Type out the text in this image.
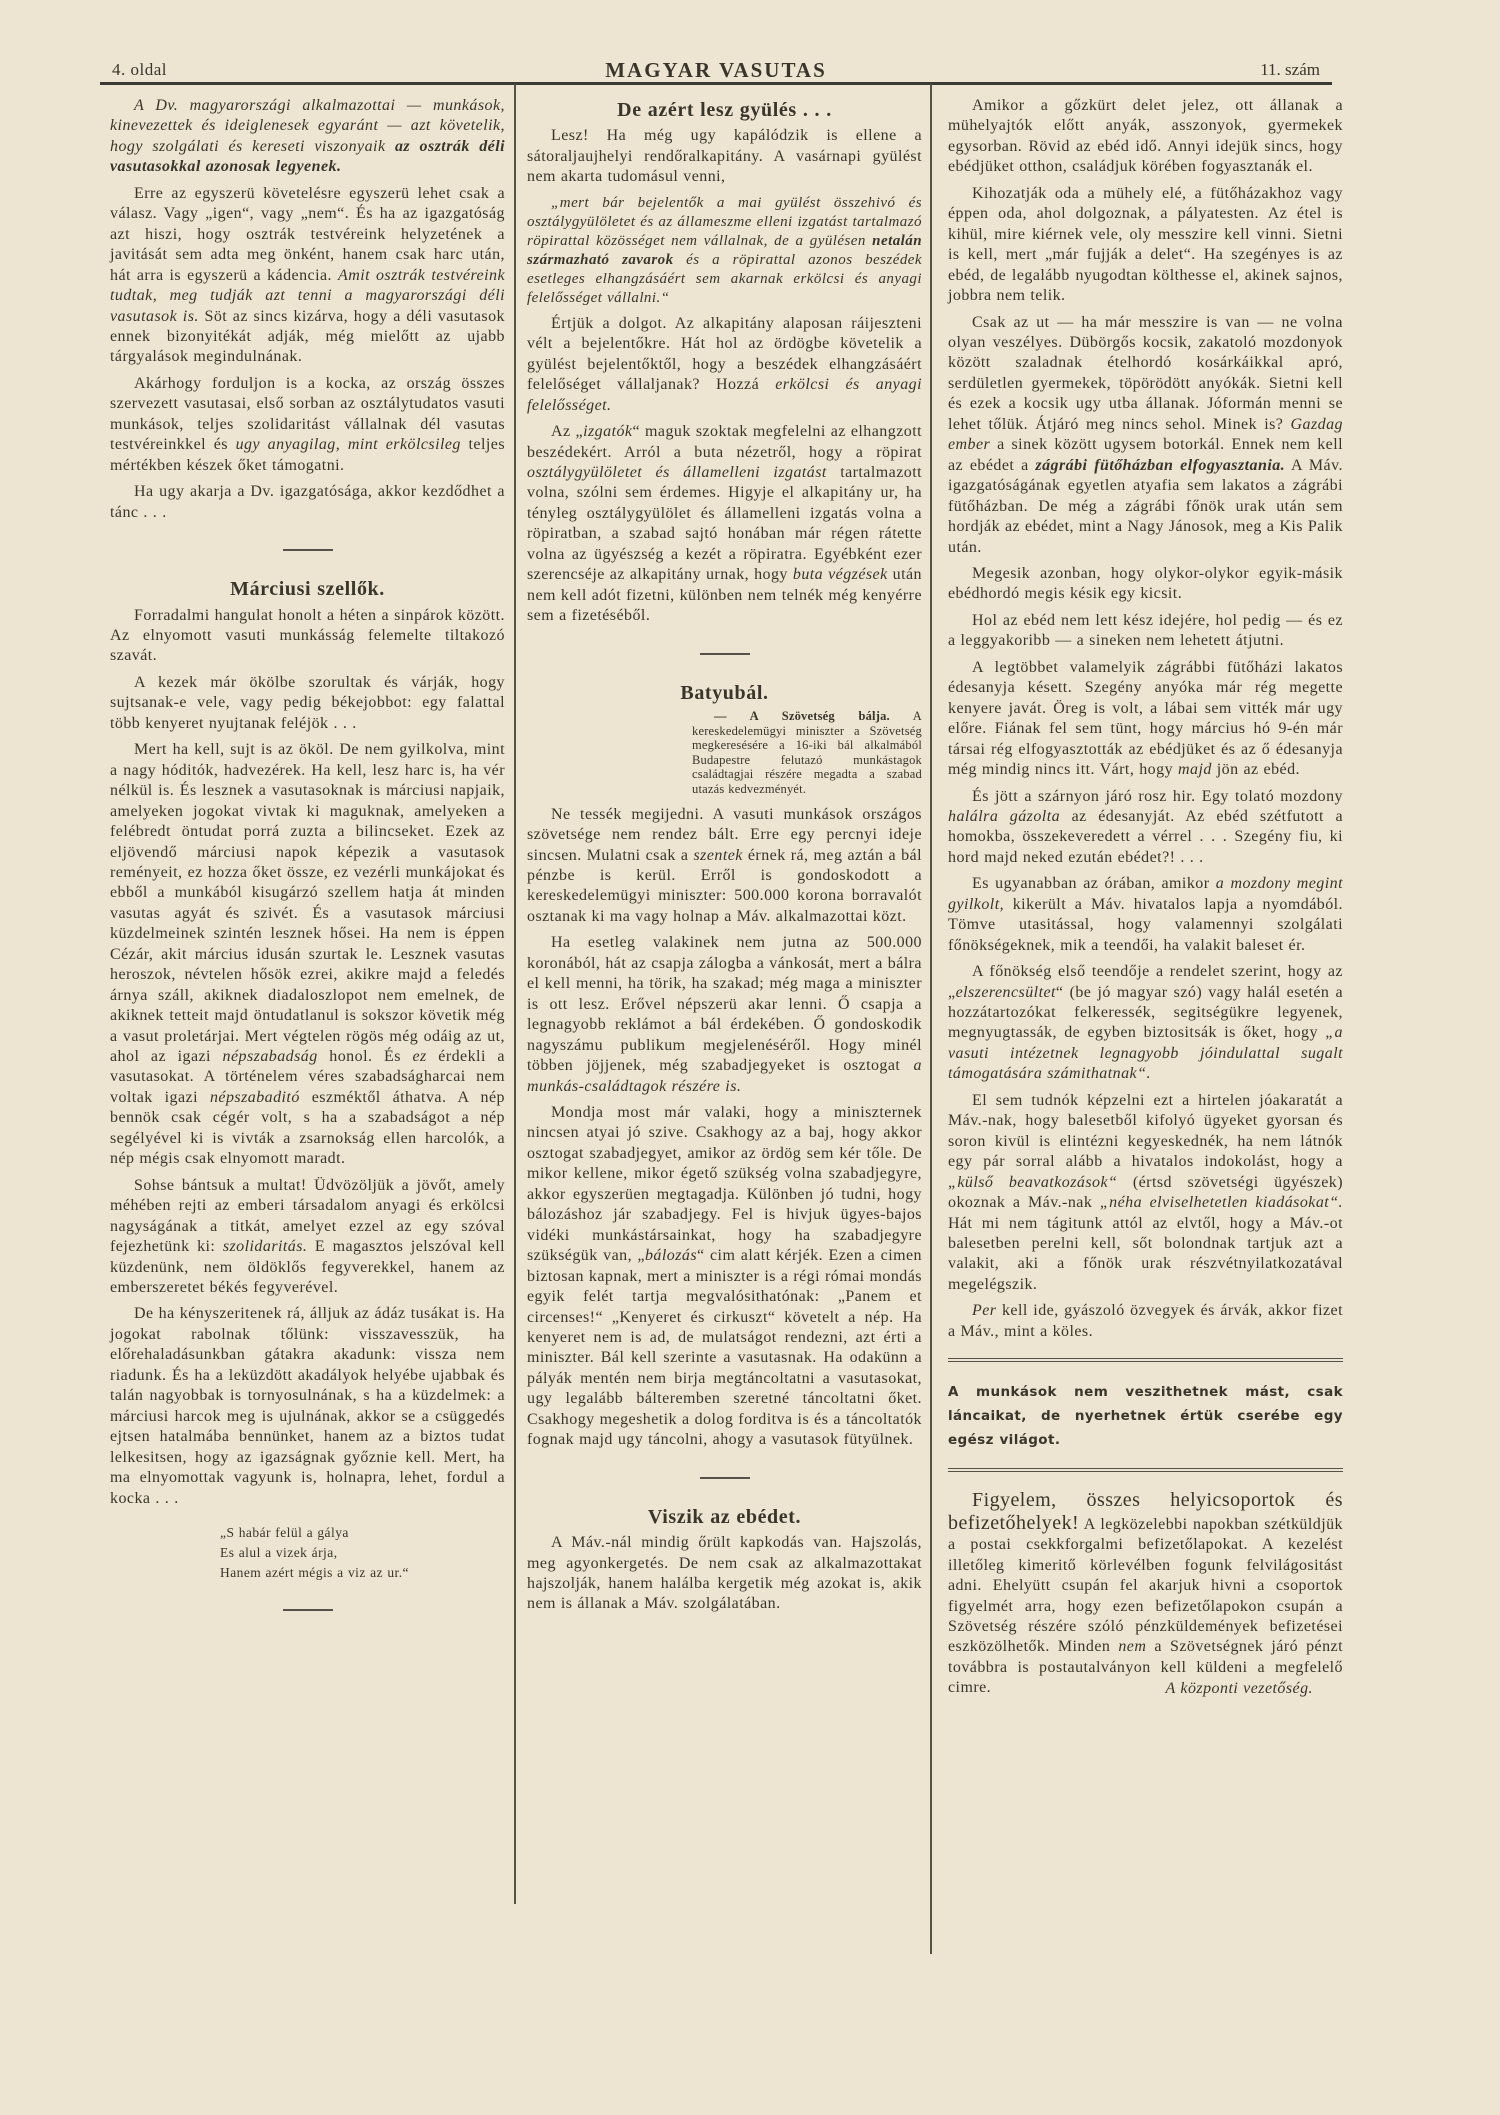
4. oldal	MAGYAR VASUTAS	11. szám

A Dv. magyarországi alkalmazottai — munkások, kinevezettek és ideiglenesek egyaránt — azt követelik, hogy szolgálati és kereseti viszonyaik az osztrák déli vasutasokkal azonosak legyenek.

Erre az egyszerü követelésre egyszerü lehet csak a válasz. Vagy „igen“, vagy „nem“. És ha az igazgatóság azt hiszi, hogy osztrák testvéreink helyzetének a javitását sem adta meg önként, hanem csak harc után, hát arra is egyszerü a kádencia. Amit osztrák testvéreink tudtak, meg tudják azt tenni a magyarországi déli vasutasok is. Söt az sincs kizárva, hogy a déli vasutasok ennek bizonyitékát adják, még mielőtt az ujabb tárgyalások megindulnának.

Akárhogy forduljon is a kocka, az ország összes szervezett vasutasai, első sorban az osztálytudatos vasuti munkások, teljes szolidaritást vállalnak dél vasutas testvéreinkkel és ugy anyagilag, mint erkölcsileg teljes mértékben készek őket támogatni.

Ha ugy akarja a Dv. igazgatósága, akkor kezdődhet a tánc . . .

Márciusi szellők.

Forradalmi hangulat honolt a héten a sinpárok között. Az elnyomott vasuti munkásság felemelte tiltakozó szavát.

A kezek már ökölbe szorultak és várják, hogy sujtsanak-e vele, vagy pedig békejobbot: egy falattal több kenyeret nyujtanak feléjök . . .

Mert ha kell, sujt is az ököl. De nem gyilkolva, mint a nagy hóditók, hadvezérek. Ha kell, lesz harc is, ha vér nélkül is. És lesznek a vasutasoknak is márciusi napjaik, amelyeken jogokat vivtak ki maguknak, amelyeken a felébredt öntudat porrá zuzta a bilincseket. Ezek az eljövendő márciusi napok képezik a vasutasok reményeit, ez hozza őket össze, ez vezérli munkájokat és ebből a munkából kisugárzó szellem hatja át minden vasutas agyát és szivét. És a vasutasok márciusi küzdelmeinek szintén lesznek hősei. Ha nem is éppen Cézár, akit március idusán szurtak le. Lesznek vasutas heroszok, névtelen hősök ezrei, akikre majd a feledés árnya száll, akiknek diadaloszlopot nem emelnek, de akiknek tetteit majd öntudatlanul is sokszor követik még a vasut proletárjai. Mert végtelen rögös még odáig az ut, ahol az igazi népszabadság honol. És ez érdekli a vasutasokat. A történelem véres szabadságharcai nem voltak igazi népszabaditó eszméktől áthatva. A nép bennök csak cégér volt, s ha a szabadságot a nép segélyével ki is vivták a zsarnokság ellen harcolók, a nép mégis csak elnyomott maradt.

Sohse bántsuk a multat! Üdvözöljük a jövőt, amely méhében rejti az emberi társadalom anyagi és erkölcsi nagyságának a titkát, amelyet ezzel az egy szóval fejezhetünk ki: szolidaritás. E magasztos jelszóval kell küzdenünk, nem öldöklős fegyverekkel, hanem az emberszeretet békés fegyverével.

De ha kényszeritenek rá, álljuk az ádáz tusákat is. Ha jogokat rabolnak tőlünk: visszavesszük, ha előrehaladásunkban gátakra akadunk: vissza nem riadunk. És ha a leküzdött akadályok helyébe ujabbak és talán nagyobbak is tornyosulnának, s ha a küzdelmek: a márciusi harcok meg is ujulnának, akkor se a csüggedés ejtsen hatalmába bennünket, hanem az a biztos tudat lelkesitsen, hogy az igazságnak győznie kell. Mert, ha ma elnyomottak vagyunk is, holnapra, lehet, fordul a kocka . . .

„S habár felül a gálya
Es alul a vizek árja,
Hanem azért mégis a viz az ur.“

De azért lesz gyülés . . .

Lesz! Ha még ugy kapálódzik is ellene a sátoraljaujhelyi rendőralkapitány. A vasárnapi gyülést nem akarta tudomásul venni,

„mert bár bejelentők a mai gyülést összehivó és osztálygyülöletet és az állameszme elleni izgatást tartalmazó röpirattal közösséget nem vállalnak, de a gyülésen netalán származható zavarok és a röpirattal azonos beszédek esetleges elhangzásáért sem akarnak erkölcsi és anyagi felelősséget vállalni.“

Értjük a dolgot. Az alkapitány alaposan ráijeszteni vélt a bejelentőkre. Hát hol az ördögbe követelik a gyülést bejelentőktől, hogy a beszédek elhangzásáért felelőséget vállaljanak? Hozzá erkölcsi és anyagi felelősséget.

Az „izgatók“ maguk szoktak megfelelni az elhangzott beszédekért. Arról a buta nézetről, hogy a röpirat osztálygyülöletet és államelleni izgatást tartalmazott volna, szólni sem érdemes. Higyje el alkapitány ur, ha tényleg osztálygyülölet és államelleni izgatás volna a röpiratban, a szabad sajtó honában már régen rátette volna az ügyészség a kezét a röpiratra. Egyébként ezer szerencséje az alkapitány urnak, hogy buta végzések után nem kell adót fizetni, különben nem telnék még kenyérre sem a fizetéséből.

Batyubál.

— A Szövetség bálja. A kereskedelemügyi miniszter a Szövetség megkeresésére a 16-iki bál alkalmából Budapestre felutazó munkástagok családtagjai részére megadta a szabad utazás kedvezményét.

Ne tessék megijedni. A vasuti munkások országos szövetsége nem rendez bált. Erre egy percnyi ideje sincsen. Mulatni csak a szentek érnek rá, meg aztán a bál pénzbe is kerül. Erről is gondoskodott a kereskedelemügyi miniszter: 500.000 korona borravalót osztanak ki ma vagy holnap a Máv. alkalmazottai közt.

Ha esetleg valakinek nem jutna az 500.000 koronából, hát az csapja zálogba a vánkosát, mert a bálra el kell menni, ha törik, ha szakad; még maga a miniszter is ott lesz. Erővel népszerü akar lenni. Ő csapja a legnagyobb reklámot a bál érdekében. Ő gondoskodik nagyszámu publikum megjelenéséről. Hogy minél többen jöjjenek, még szabadjegyeket is osztogat a munkás-családtagok részére is.

Mondja most már valaki, hogy a miniszternek nincsen atyai jó szive. Csakhogy az a baj, hogy akkor osztogat szabadjegyet, amikor az ördög sem kér tőle. De mikor kellene, mikor égető szükség volna szabadjegyre, akkor egyszerüen megtagadja. Különben jó tudni, hogy bálozáshoz jár szabadjegy. Fel is hivjuk ügyes-bajos vidéki munkástársainkat, hogy ha szabadjegyre szükségük van, „bálozás“ cim alatt kérjék. Ezen a cimen biztosan kapnak, mert a miniszter is a régi római mondás egyik felét tartja megvalósithatónak: „Panem et circenses!“ „Kenyeret és cirkuszt“ követelt a nép. Ha kenyeret nem is ad, de mulatságot rendezni, azt érti a miniszter. Bál kell szerinte a vasutasnak. Ha odakünn a pályák mentén nem birja megtáncoltatni a vasutasokat, ugy legalább bálteremben szeretné táncoltatni őket. Csakhogy megeshetik a dolog forditva is és a táncoltatók fognak majd ugy táncolni, ahogy a vasutasok fütyülnek.

Viszik az ebédet.

A Máv.-nál mindig őrült kapkodás van. Hajszolás, meg agyonkergetés. De nem csak az alkalmazottakat hajszolják, hanem halálba kergetik még azokat is, akik nem is állanak a Máv. szolgálatában.

Amikor a gőzkürt delet jelez, ott állanak a mühelyajtók előtt anyák, asszonyok, gyermekek egysorban. Rövid az ebéd idő. Annyi idejük sincs, hogy ebédjüket otthon, családjuk körében fogyasztanák el.

Kihozatják oda a mühely elé, a fütőházakhoz vagy éppen oda, ahol dolgoznak, a pályatesten. Az étel is kihül, mire kiérnek vele, oly messzire kell vinni. Sietni is kell, mert „már fujják a delet“. Ha szegényes is az ebéd, de legalább nyugodtan költhesse el, akinek sajnos, jobbra nem telik.

Csak az ut — ha már messzire is van — ne volna olyan veszélyes. Dübörgős kocsik, zakatoló mozdonyok között szaladnak ételhordó kosárkáikkal apró, serdületlen gyermekek, töpörödött anyókák. Sietni kell és ezek a kocsik ugy utba állanak. Jóformán menni se lehet tőlük. Átjáró meg nincs sehol. Minek is? Gazdag ember a sinek között ugysem botorkál. Ennek nem kell az ebédet a zágrábi fütőházban elfogyasztania. A Máv. igazgatóságának egyetlen atyafia sem lakatos a zágrábi fütőházban. De még a zágrábi főnök urak után sem hordják az ebédet, mint a Nagy Jánosok, meg a Kis Palik után.

Megesik azonban, hogy olykor-olykor egyik-másik ebédhordó megis késik egy kicsit.

Hol az ebéd nem lett kész idejére, hol pedig — és ez a leggyakoribb — a sineken nem lehetett átjutni.

A legtöbbet valamelyik zágrábbi fütőházi lakatos édesanyja késett. Szegény anyóka már rég megette kenyere javát. Öreg is volt, a lábai sem vitték már ugy előre. Fiának fel sem tünt, hogy március hó 9-én már társai rég elfogyasztották az ebédjüket és az ő édesanyja még mindig nincs itt. Várt, hogy majd jön az ebéd.

És jött a szárnyon járó rosz hir. Egy tolató mozdony halálra gázolta az édesanyját. Az ebéd szétfutott a homokba, összekeveredett a vérrel . . . Szegény fiu, ki hord majd neked ezután ebédet?! . . .

Es ugyanabban az órában, amikor a mozdony megint gyilkolt, kikerült a Máv. hivatalos lapja a nyomdából. Tömve utasitással, hogy valamennyi szolgálati főnökségeknek, mik a teendői, ha valakit baleset ér.

A főnökség első teendője a rendelet szerint, hogy az „elszerencsültet“ (be jó magyar szó) vagy halál esetén a hozzátartozókat felkeressék, segitségükre legyenek, megnyugtassák, de egyben biztositsák is őket, hogy „a vasuti intézetnek legnagyobb jóindulattal sugalt támogatására számithatnak“.

El sem tudnók képzelni ezt a hirtelen jóakaratát a Máv.-nak, hogy balesetből kifolyó ügyeket gyorsan és soron kivül is elintézni kegyeskednék, ha nem látnók egy pár sorral alább a hivatalos indokolást, hogy a „külső beavatkozások“ (értsd szövetségi ügyészek) okoznak a Máv.-nak „néha elviselhetetlen kiadásokat“. Hát mi nem tágitunk attól az elvtől, hogy a Máv.-ot balesetben perelni kell, sőt bolondnak tartjuk azt a valakit, aki a főnök urak részvétnyilatkozatával megelégszik.

Per kell ide, gyászoló özvegyek és árvák, akkor fizet a Máv., mint a köles.

A munkások nem veszithetnek mást, csak láncaikat, de nyerhetnek értük cserébe egy egész világot.

Figyelem, összes helyicsoportok és befizetőhelyek! A legközelebbi napokban szétküldjük a postai csekkforgalmi befizetőlapokat. A kezelést illetőleg kimeritő körlevélben fogunk felvilágositást adni. Ehelyütt csupán fel akarjuk hivni a csoportok figyelmét arra, hogy ezen befizetőlapokon csupán a Szövetség részére szóló pénzküldemények befizetései eszközölhetők. Minden nem a Szövetségnek járó pénzt továbbra is postautalványon kell küldeni a megfelelő cimre.	A központi vezetőség.
